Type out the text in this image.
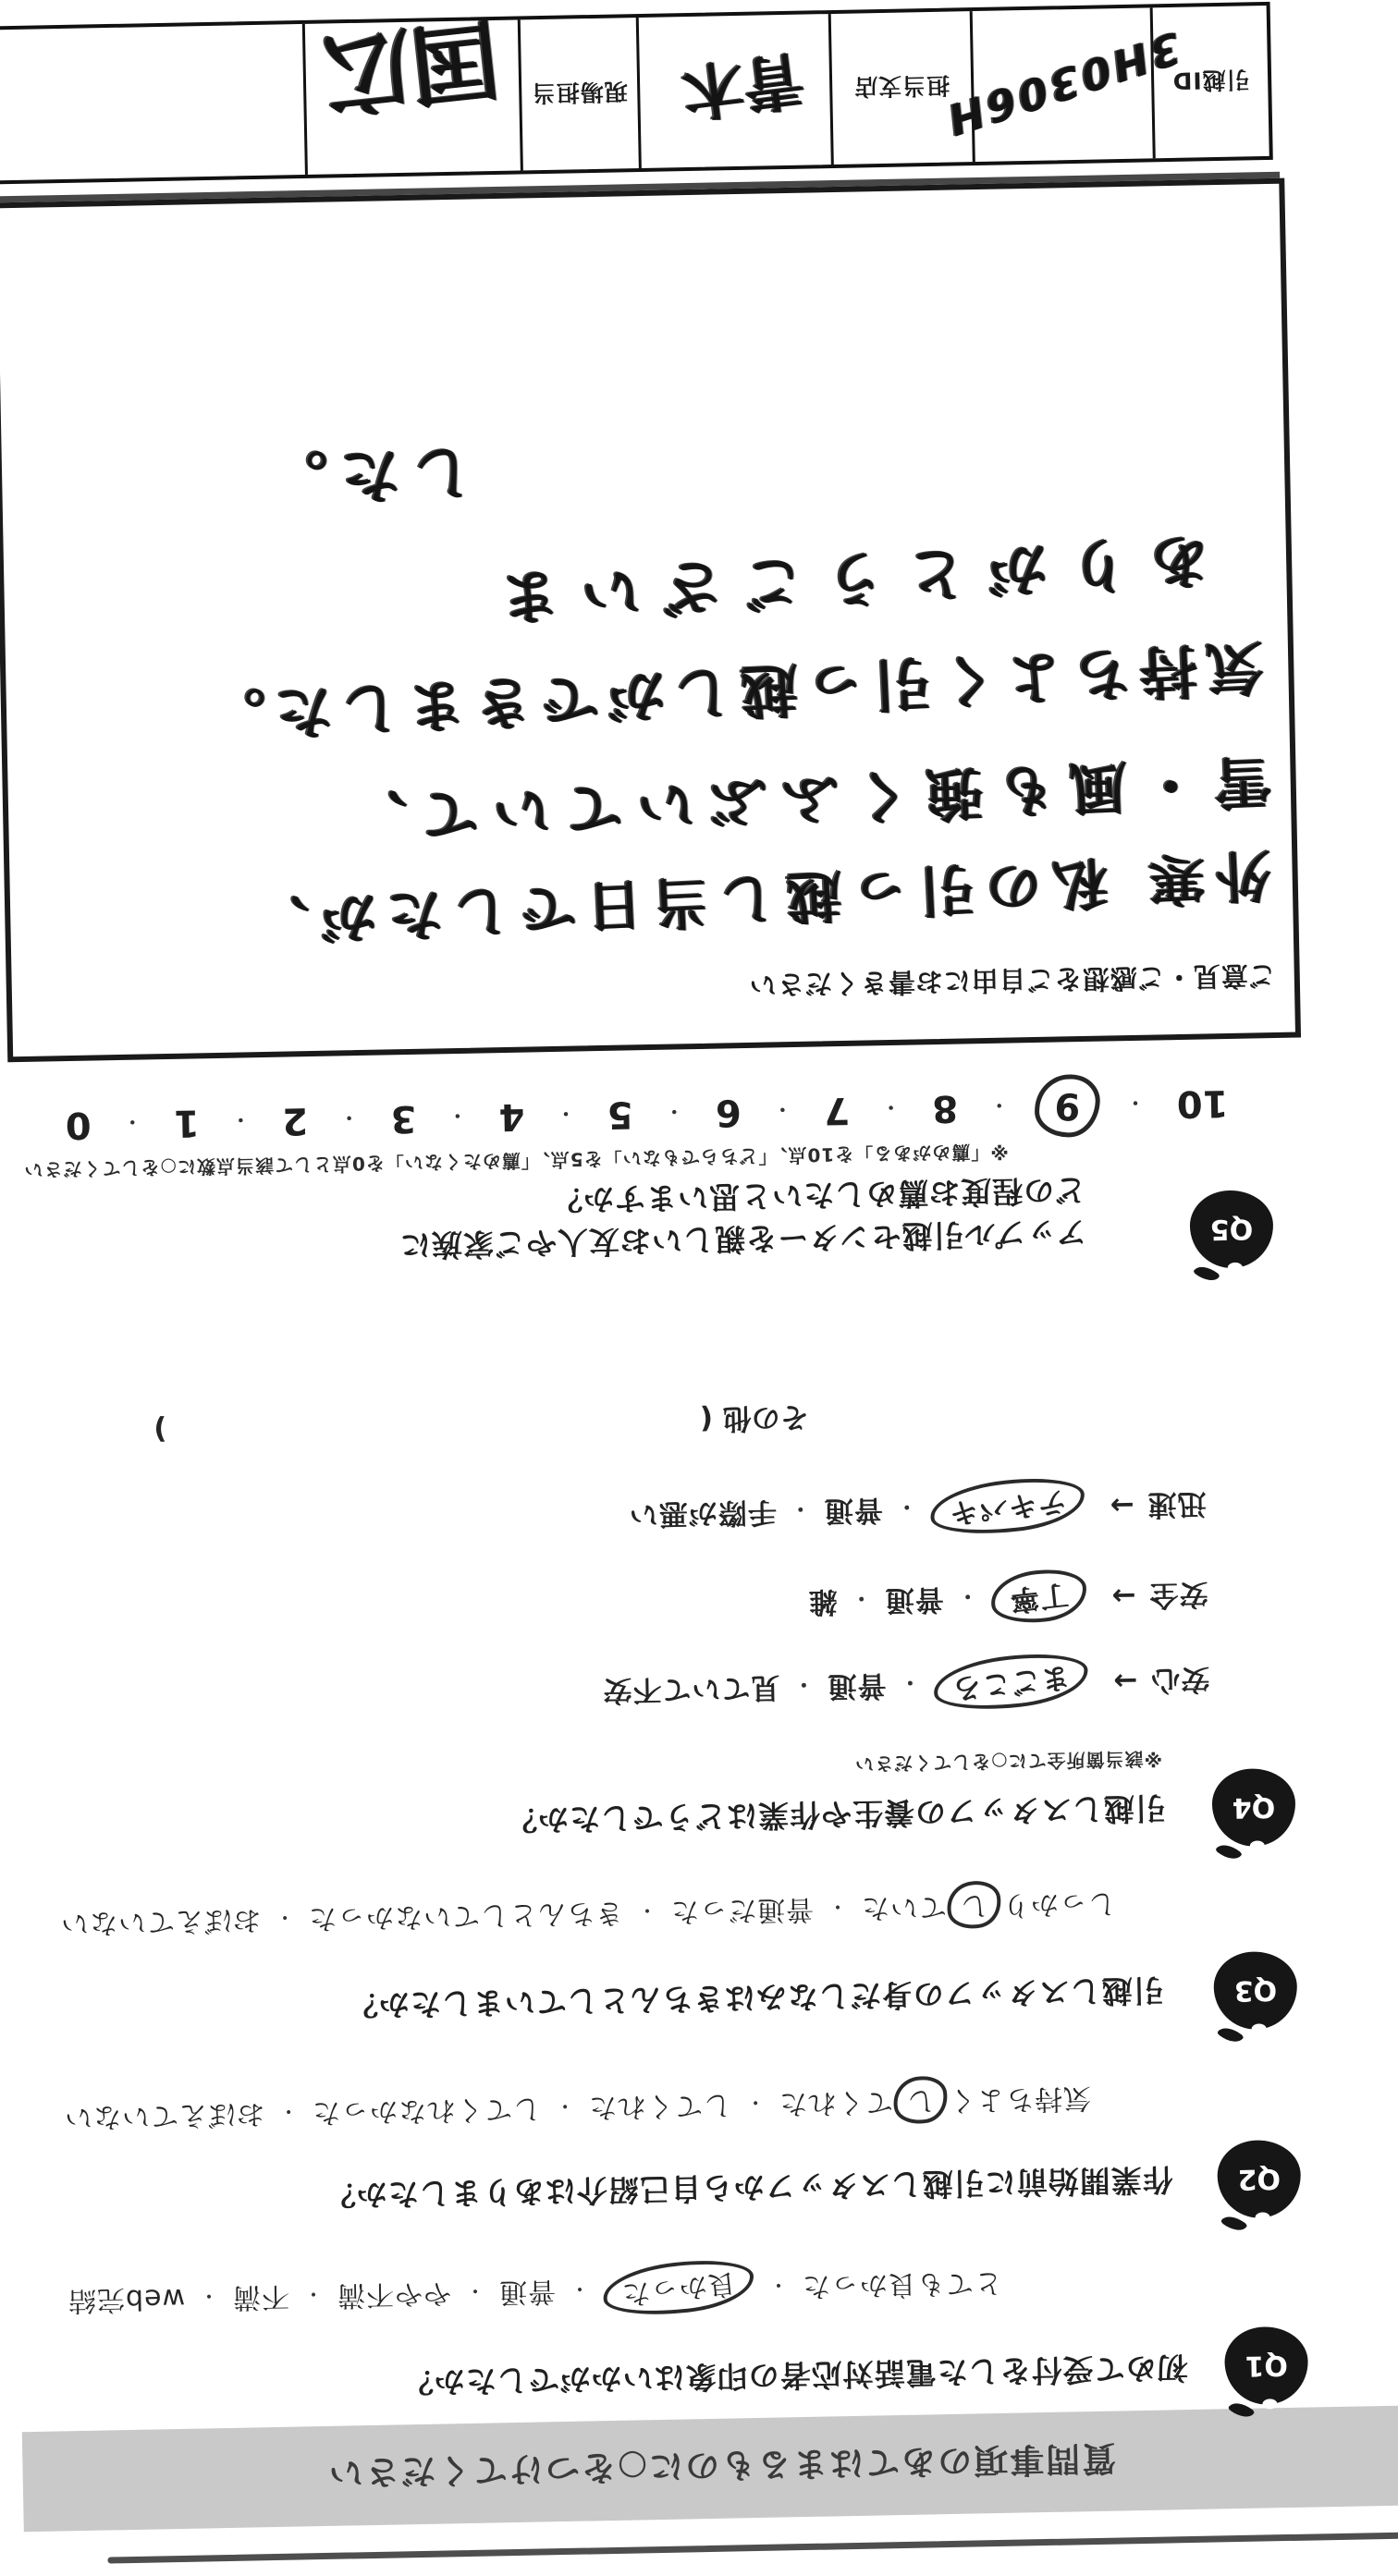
質問事項のあてはまるものに○をつけてください
Q1
初めて受付をした電話対応者の印象はいかがでしたか？
とても良かった・良かった・普通・やや不満・不満・web完結
Q2
作業開始前に引越しスタッフから自己紹介はありましたか？
気持ちよくしてくれた・してくれた・してくれなかった・おぼえていない
Q3
引越しスタッフの身だしなみはきちんとしていましたか？
しっかりしていた・普通だった・きちんとしていなかった・おぼえていない
Q4
引越しスタッフの養生や作業はどうでしたか？
※該当箇所全てに○をしてください
安心→まごころ・普通・見ていて不安
安全→丁寧・普通・雑
迅速→テキパキ・普通・手際が悪い
その他 (  )
Q5
アップル引越センターを親しいお友人やご家族に
どの程度お薦めしたいと思いますか？
※「薦めがある」を10点、「どちらでもない」を5点、「薦めたくない」を0点として該当点数に○をしてください
10
・
9
・
8
・
7
・
6
・
5
・
4
・
3
・
2
・
1
・
0
ご意見・ご感想をご自由にお書きください
外寒 私の引っ越し当日でしたが、
雪・風も強くふぶいていて、
気持ちよく引っ越しができました。
ありがとうございま
した。
引越ID
3H0306H
担当支店
青木
現場担当
国広
